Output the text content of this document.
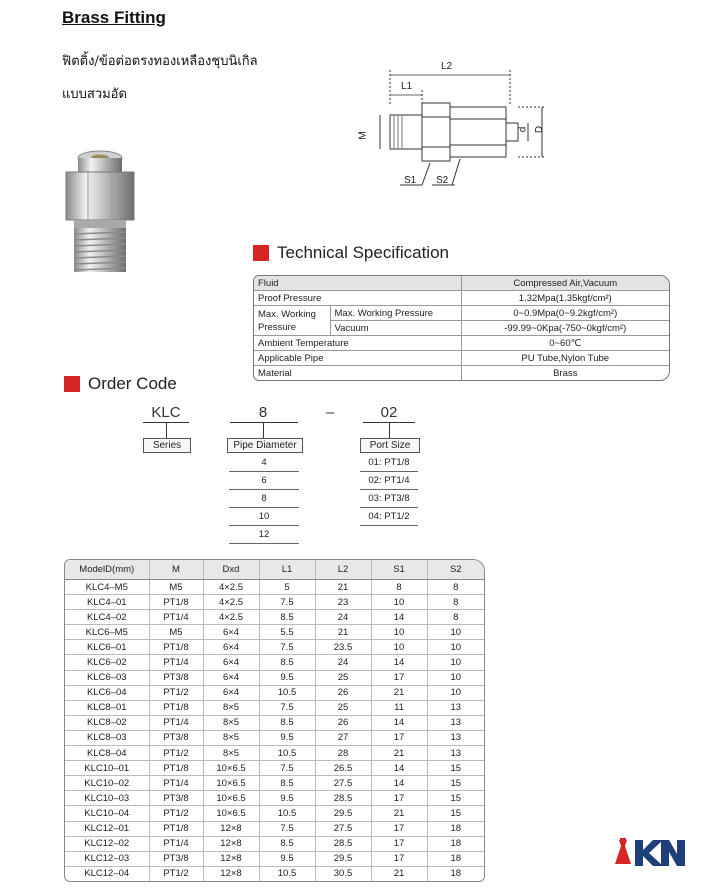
Brass Fitting
ฟิตติ้ง/ข้อต่อตรงทองเหลืองชุบนิเกิล
แบบสวมอัด
L2
L1
M
d D
S1 S2
Technical Specification
Fluid		Compressed Air,Vacuum
Proof Pressure		1.32Mpa(1.35kgf/cm²)
Max. Working Pressure	Max. Working Pressure	0~0.9Mpa(0~9.2kgf/cm²)
	Vacuum	-99.99~0Kpa(-750~0kgf/cm²)
Ambient Temperature		0~60℃
Applicable Pipe		PU Tube,Nylon Tube
Material		Brass
Order Code
KLC	8	–	02
Series	Pipe Diameter	Port Size
4
6
8
10
12
01: PT1/8
02: PT1/4
03: PT3/8
04: PT1/2
ModelD(mm)	M	Dxd	L1	L2	S1	S2
KLC4–M5	M5	4×2.5	5	21	8	8
KLC4–01	PT1/8	4×2.5	7.5	23	10	8
KLC4–02	PT1/4	4×2.5	8.5	24	14	8
KLC6–M5	M5	6×4	5.5	21	10	10
KLC6–01	PT1/8	6×4	7.5	23.5	10	10
KLC6–02	PT1/4	6×4	8.5	24	14	10
KLC6–03	PT3/8	6×4	9.5	25	17	10
KLC6–04	PT1/2	6×4	10.5	26	21	10
KLC8–01	PT1/8	8×5	7.5	25	11	13
KLC8–02	PT1/4	8×5	8.5	26	14	13
KLC8–03	PT3/8	8×5	9.5	27	17	13
KLC8–04	PT1/2	8×5	10.5	28	21	13
KLC10–01	PT1/8	10×6.5	7.5	26.5	14	15
KLC10–02	PT1/4	10×6.5	8.5	27.5	14	15
KLC10–03	PT3/8	10×6.5	9.5	28.5	17	15
KLC10–04	PT1/2	10×6.5	10.5	29.5	21	15
KLC12–01	PT1/8	12×8	7.5	27.5	17	18
KLC12–02	PT1/4	12×8	8.5	28.5	17	18
KLC12–03	PT3/8	12×8	9.5	29.5	17	18
KLC12–04	PT1/2	12×8	10.5	30.5	21	18
